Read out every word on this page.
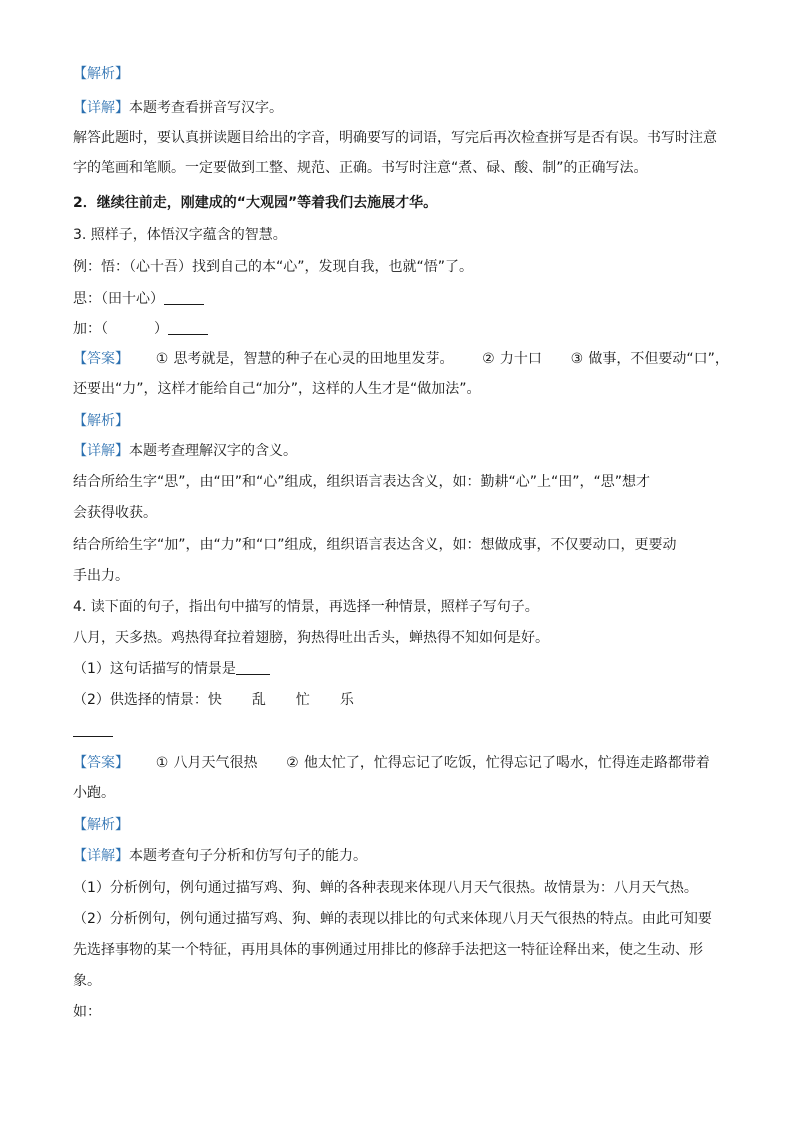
【解析】
【详解】本题考查看拼音写汉字。
解答此题时，要认真拼读题目给出的字音，明确要写的词语，写完后再次检查拼写是否有误。书写时注意
字的笔画和笔顺。一定要做到工整、规范、正确。书写时注意“煮、碌、酸、制”的正确写法。
2．继续往前走，刚建成的“大观园”等着我们去施展才华。
3. 照样子，体悟汉字蕴含的智慧。
例：悟：（心十吾）找到自己的本“心”，发现自我，也就“悟”了。
思：（田十心）
加：（	）
【答案】 ① 思考就是，智慧的种子在心灵的田地里发芽。 ② 力十口 ③ 做事，不但要动“口”，
还要出“力”，这样才能给自己“加分”，这样的人生才是“做加法”。
【解析】
【详解】本题考查理解汉字的含义。
结合所给生字“思”，由“田”和“心”组成，组织语言表达含义，如：勤耕“心”上“田”，“思”想才
会获得收获。
结合所给生字“加”，由“力”和“口”组成，组织语言表达含义，如：想做成事，不仅要动口，更要动
手出力。
4. 读下面的句子，指出句中描写的情景，再选择一种情景，照样子写句子。
八月，天多热。鸡热得耷拉着翅膀，狗热得吐出舌头，蝉热得不知如何是好。
（1）这句话描写的情景是
（2）供选择的情景：快 乱 忙 乐
【答案】 ① 八月天气很热 ② 他太忙了，忙得忘记了吃饭，忙得忘记了喝水，忙得连走路都带着
小跑。
【解析】
【详解】本题考查句子分析和仿写句子的能力。
（1）分析例句，例句通过描写鸡、狗、蝉的各种表现来体现八月天气很热。故情景为：八月天气热。
（2）分析例句，例句通过描写鸡、狗、蝉的表现以排比的句式来体现八月天气很热的特点。由此可知要
先选择事物的某一个特征，再用具体的事例通过用排比的修辞手法把这一特征诠释出来，使之生动、形
象。
如：
